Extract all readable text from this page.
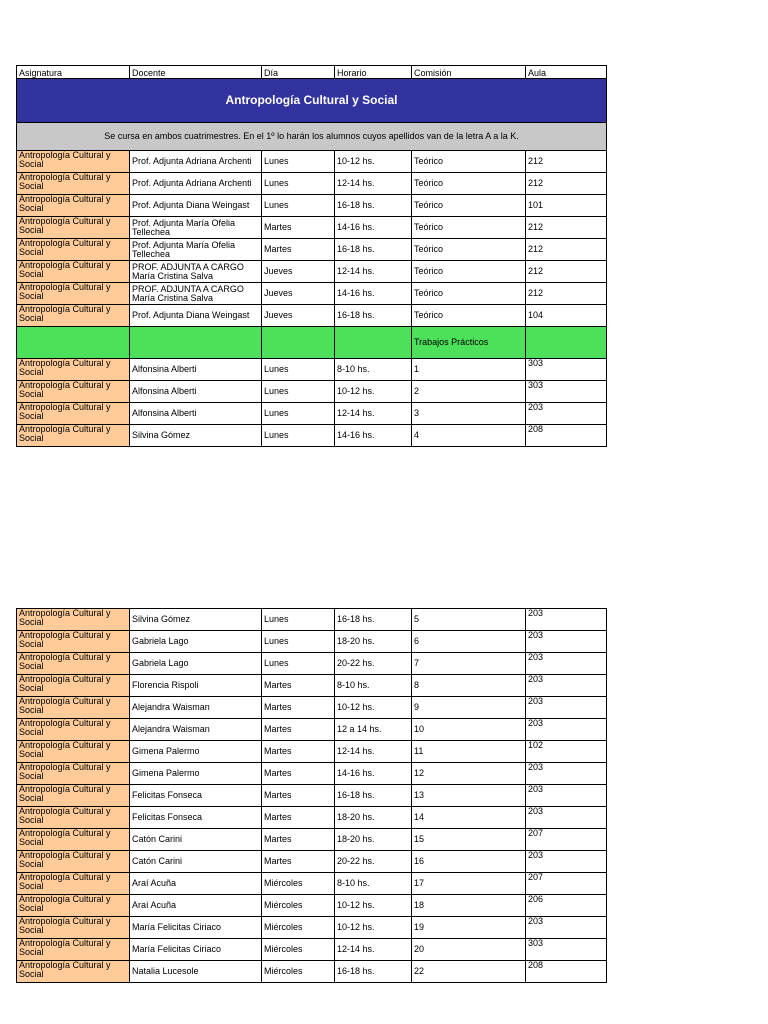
Asignatura	Docente	Día	Horario	Comisión	Aula
Antropología Cultural y Social					
Se cursa en ambos cuatrimestres. En el 1º lo harán los alumnos cuyos apellidos van de la letra A a la K.					
Antropología Cultural y Social	Prof. Adjunta Adriana Archenti	Lunes	10-12 hs.	Teórico	212
Antropología Cultural y Social	Prof. Adjunta Adriana Archenti	Lunes	12-14 hs.	Teórico	212
Antropología Cultural y Social	Prof. Adjunta Diana Weingast	Lunes	16-18 hs.	Teórico	101
Antropología Cultural y Social	Prof. Adjunta María Ofelia Tellechea	Martes	14-16 hs.	Teórico	212
Antropología Cultural y Social	Prof. Adjunta María Ofelia Tellechea	Martes	16-18 hs.	Teórico	212
Antropología Cultural y Social	PROF. ADJUNTA A CARGO María Cristina Salva	Jueves	12-14 hs.	Teórico	212
Antropología Cultural y Social	PROF. ADJUNTA A CARGO María Cristina Salva	Jueves	14-16 hs.	Teórico	212
Antropología Cultural y Social	Prof. Adjunta Diana Weingast	Jueves	16-18 hs.	Teórico	104
				Trabajos Prácticos	
Antropología Cultural y Social	Alfonsina Alberti	Lunes	8-10 hs.	1	303
Antropología Cultural y Social	Alfonsina Alberti	Lunes	10-12 hs.	2	303
Antropología Cultural y Social	Alfonsina Alberti	Lunes	12-14 hs.	3	203
Antropología Cultural y Social	Silvina Gómez	Lunes	14-16 hs.	4	208
Antropología Cultural y Social	Silvina Gómez	Lunes	16-18 hs.	5	203
Antropología Cultural y Social	Gabriela Lago	Lunes	18-20 hs.	6	203
Antropología Cultural y Social	Gabriela Lago	Lunes	20-22 hs.	7	203
Antropología Cultural y Social	Florencia Rispoli	Martes	8-10 hs.	8	203
Antropología Cultural y Social	Alejandra Waisman	Martes	10-12 hs.	9	203
Antropología Cultural y Social	Alejandra Waisman	Martes	12 a 14 hs.	10	203
Antropología Cultural y Social	Gimena Palermo	Martes	12-14 hs.	11	102
Antropología Cultural y Social	Gimena Palermo	Martes	14-16 hs.	12	203
Antropología Cultural y Social	Felicitas Fonseca	Martes	16-18 hs.	13	203
Antropología Cultural y Social	Felicitas Fonseca	Martes	18-20 hs.	14	203
Antropología Cultural y Social	Catón Carini	Martes	18-20 hs.	15	207
Antropología Cultural y Social	Catón Carini	Martes	20-22 hs.	16	203
Antropología Cultural y Social	Araí Acuña	Miércoles	8-10 hs.	17	207
Antropología Cultural y Social	Araí Acuña	Miércoles	10-12 hs.	18	206
Antropología Cultural y Social	María Felicitas Ciriaco	Miércoles	10-12 hs.	19	203
Antropología Cultural y Social	María Felicitas Ciriaco	Miércoles	12-14 hs.	20	303
Antropología Cultural y Social	Natalia Lucesole	Miércoles	16-18 hs.	22	208
